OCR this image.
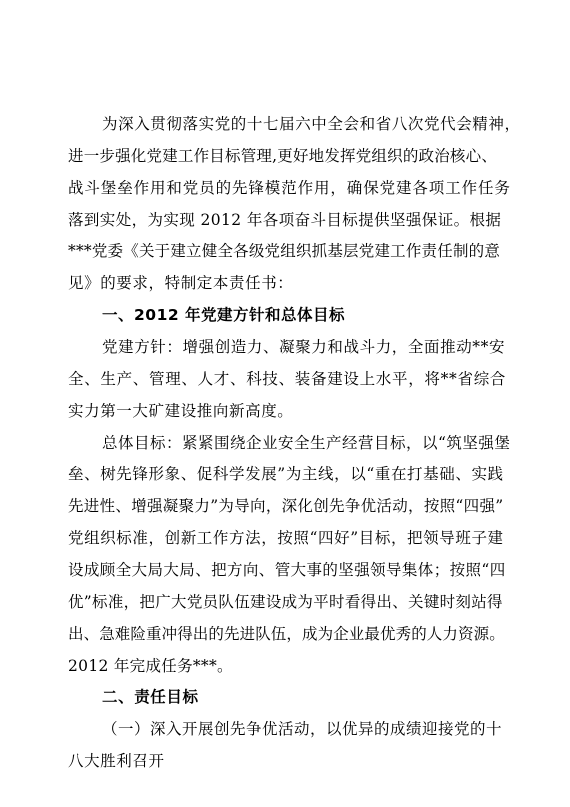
为深入贯彻落实党的十七届六中全会和省八次党代会精神，
进一步强化党建工作目标管理,更好地发挥党组织的政治核心、
战斗堡垒作用和党员的先锋模范作用，确保党建各项工作任务
落到实处，为实现 2012 年各项奋斗目标提供坚强保证。根据
***党委《关于建立健全各级党组织抓基层党建工作责任制的意
见》的要求，特制定本责任书：
一、2012 年党建方针和总体目标
党建方针：增强创造力、凝聚力和战斗力，全面推动**安
全、生产、管理、人才、科技、装备建设上水平，将**省综合
实力第一大矿建设推向新高度。
总体目标：紧紧围绕企业安全生产经营目标，以“筑坚强堡
垒、树先锋形象、促科学发展”为主线，以“重在打基础、实践
先进性、增强凝聚力”为导向，深化创先争优活动，按照“四强”
党组织标准，创新工作方法，按照“四好”目标，把领导班子建
设成顾全大局大局、把方向、管大事的坚强领导集体；按照“四
优”标准，把广大党员队伍建设成为平时看得出、关键时刻站得
出、急难险重冲得出的先进队伍，成为企业最优秀的人力资源。
2012 年完成任务***。
二、责任目标
（一）深入开展创先争优活动，以优异的成绩迎接党的十
八大胜利召开
